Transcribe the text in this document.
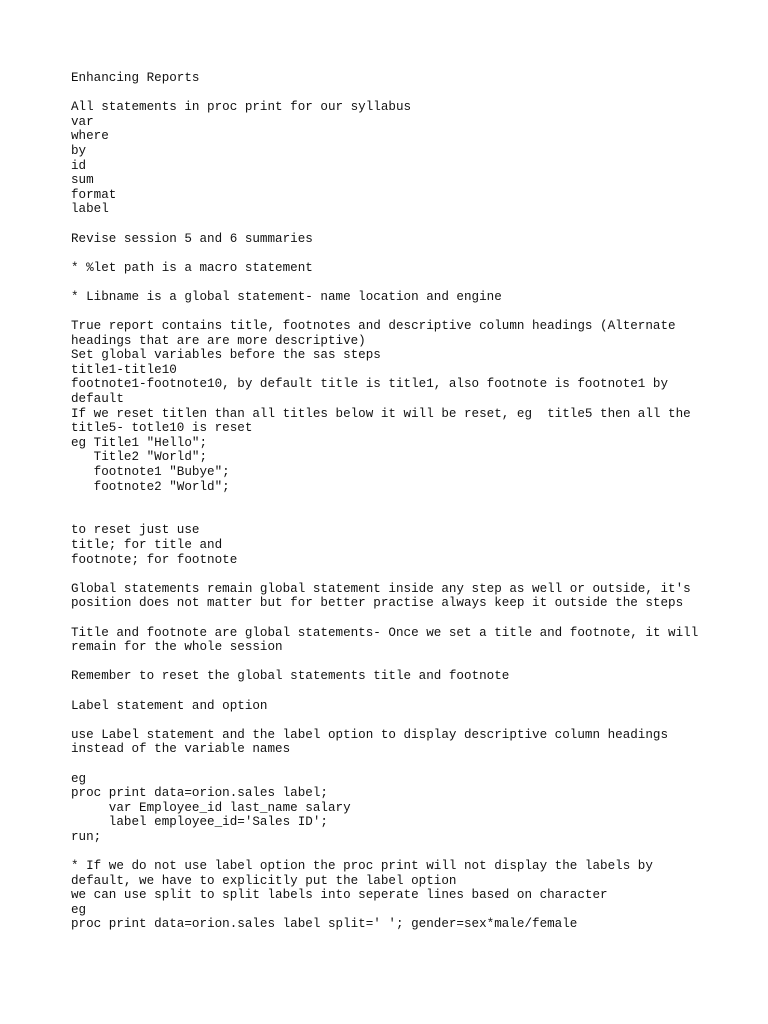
Enhancing Reports
All statements in proc print for our syllabus
var
where
by
id
sum
format
label
Revise session 5 and 6 summaries
* %let path is a macro statement
* Libname is a global statement- name location and engine
True report contains title, footnotes and descriptive column headings (Alternate
headings that are are more descriptive)
Set global variables before the sas steps
title1-title10
footnote1-footnote10, by default title is title1, also footnote is footnote1 by
default
If we reset titlen than all titles below it will be reset, eg  title5 then all the
title5- totle10 is reset
eg Title1 "Hello";
Title2 "World";
footnote1 "Bubye";
footnote2 "World";
to reset just use
title; for title and
footnote; for footnote
Global statements remain global statement inside any step as well or outside, it's
position does not matter but for better practise always keep it outside the steps
Title and footnote are global statements- Once we set a title and footnote, it will
remain for the whole session
Remember to reset the global statements title and footnote
Label statement and option
use Label statement and the label option to display descriptive column headings
instead of the variable names
eg
proc print data=orion.sales label;
var Employee_id last_name salary
label employee_id='Sales ID';
run;
* If we do not use label option the proc print will not display the labels by
default, we have to explicitly put the label option
we can use split to split labels into seperate lines based on character
eg
proc print data=orion.sales label split=' '; gender=sex*male/female
